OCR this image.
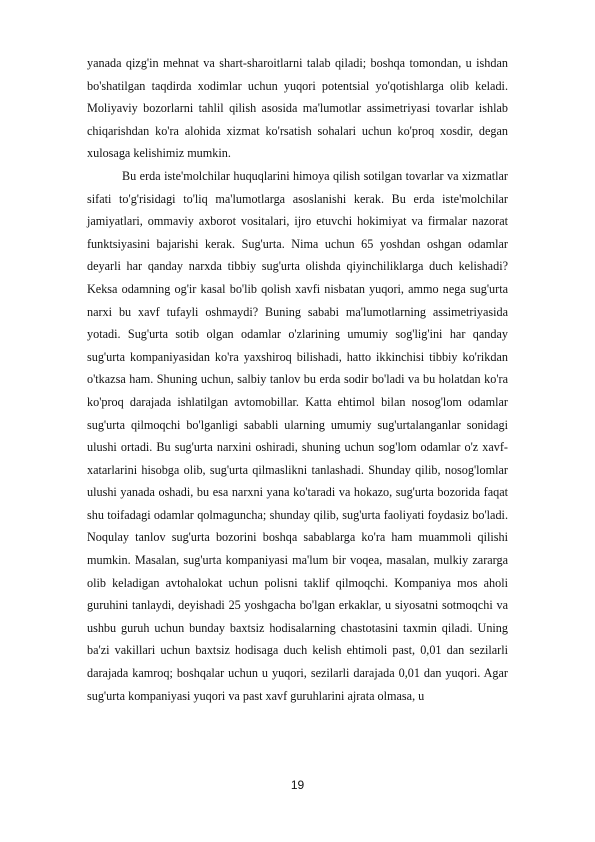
yanada qizg'in mehnat va shart-sharoitlarni talab qiladi; boshqa tomondan, u ishdan bo'shatilgan taqdirda xodimlar uchun yuqori potentsial yo'qotishlarga olib keladi. Moliyaviy bozorlarni tahlil qilish asosida ma'lumotlar assimetriyasi tovarlar ishlab chiqarishdan ko'ra alohida xizmat ko'rsatish sohalari uchun ko'proq xosdir, degan xulosaga kelishimiz mumkin.

Bu erda iste'molchilar huquqlarini himoya qilish sotilgan tovarlar va xizmatlar sifati to'g'risidagi to'liq ma'lumotlarga asoslanishi kerak. Bu erda iste'molchilar jamiyatlari, ommaviy axborot vositalari, ijro etuvchi hokimiyat va firmalar nazorat funktsiyasini bajarishi kerak. Sug'urta. Nima uchun 65 yoshdan oshgan odamlar deyarli har qanday narxda tibbiy sug'urta olishda qiyinchiliklarga duch kelishadi? Keksa odamning og'ir kasal bo'lib qolish xavfi nisbatan yuqori, ammo nega sug'urta narxi bu xavf tufayli oshmaydi? Buning sababi ma'lumotlarning assimetriyasida yotadi. Sug'urta sotib olgan odamlar o'zlarining umumiy sog'lig'ini har qanday sug'urta kompaniyasidan ko'ra yaxshiroq bilishadi, hatto ikkinchisi tibbiy ko'rikdan o'tkazsa ham. Shuning uchun, salbiy tanlov bu erda sodir bo'ladi va bu holatdan ko'ra ko'proq darajada ishlatilgan avtomobillar. Katta ehtimol bilan nosog'lom odamlar sug'urta qilmoqchi bo'lganligi sababli ularning umumiy sug'urtalanganlar sonidagi ulushi ortadi. Bu sug'urta narxini oshiradi, shuning uchun sog'lom odamlar o'z xavf-xatarlarini hisobga olib, sug'urta qilmaslikni tanlashadi. Shunday qilib, nosog'lomlar ulushi yanada oshadi, bu esa narxni yana ko'taradi va hokazo, sug'urta bozorida faqat shu toifadagi odamlar qolmaguncha; shunday qilib, sug'urta faoliyati foydasiz bo'ladi. Noqulay tanlov sug'urta bozorini boshqa sabablarga ko'ra ham muammoli qilishi mumkin. Masalan, sug'urta kompaniyasi ma'lum bir voqea, masalan, mulkiy zararga olib keladigan avtohalokat uchun polisni taklif qilmoqchi. Kompaniya mos aholi guruhini tanlaydi, deyishadi 25 yoshgacha bo'lgan erkaklar, u siyosatni sotmoqchi va ushbu guruh uchun bunday baxtsiz hodisalarning chastotasini taxmin qiladi. Uning ba'zi vakillari uchun baxtsiz hodisaga duch kelish ehtimoli past, 0,01 dan sezilarli darajada kamroq; boshqalar uchun u yuqori, sezilarli darajada 0,01 dan yuqori. Agar sug'urta kompaniyasi yuqori va past xavf guruhlarini ajrata olmasa, u

19
